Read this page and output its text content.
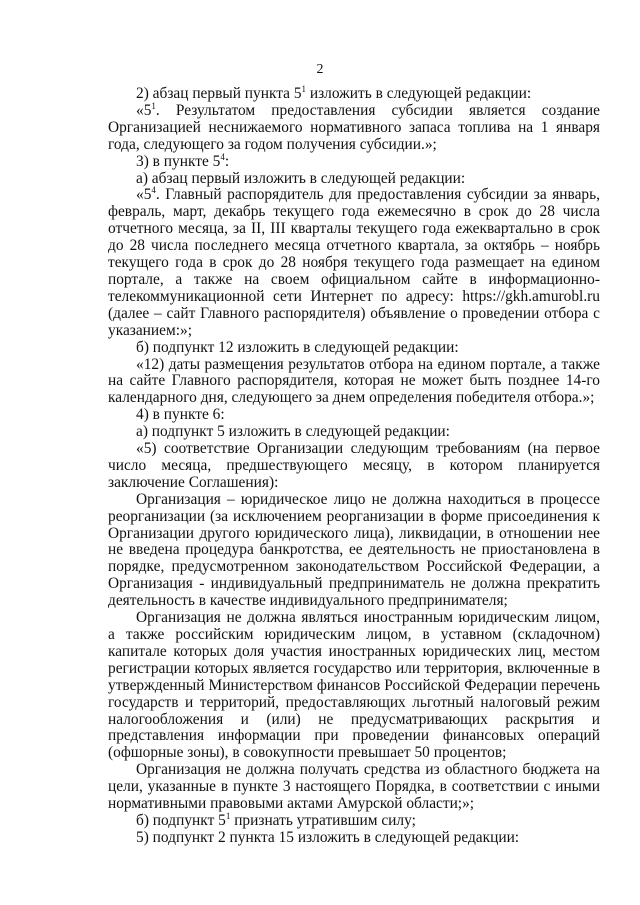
2

2) абзац первый пункта $5^1$ изложить в следующей редакции:

«$5^1$. Результатом предоставления субсидии является создание Организацией неснижаемого нормативного запаса топлива на 1 января года, следующего за годом получения субсидии.»;

3) в пункте $5^4$:

а) абзац первый изложить в следующей редакции:

«$5^4$. Главный распорядитель для предоставления субсидии за январь, февраль, март, декабрь текущего года ежемесячно в срок до 28 числа отчетного месяца, за II, III кварталы текущего года ежеквартально в срок до 28 числа последнего месяца отчетного квартала, за октябрь – ноябрь текущего года в срок до 28 ноября текущего года размещает на едином портале, а также на своем официальном сайте в информационно-телекоммуникационной сети Интернет по адресу: https://gkh.amurobl.ru (далее – сайт Главного распорядителя) объявление о проведении отбора с указанием:»;

б) подпункт 12 изложить в следующей редакции:

«12) даты размещения результатов отбора на едином портале, а также на сайте Главного распорядителя, которая не может быть позднее 14-го календарного дня, следующего за днем определения победителя отбора.»;

4) в пункте 6:

а) подпункт 5 изложить в следующей редакции:

«5) соответствие Организации следующим требованиям (на первое число месяца, предшествующего месяцу, в котором планируется заключение Соглашения):

Организация – юридическое лицо не должна находиться в процессе реорганизации (за исключением реорганизации в форме присоединения к Организации другого юридического лица), ликвидации, в отношении нее не введена процедура банкротства, ее деятельность не приостановлена в порядке, предусмотренном законодательством Российской Федерации, а Организация - индивидуальный предприниматель не должна прекратить деятельность в качестве индивидуального предпринимателя;

Организация не должна являться иностранным юридическим лицом, а также российским юридическим лицом, в уставном (складочном) капитале которых доля участия иностранных юридических лиц, местом регистрации которых является государство или территория, включенные в утвержденный Министерством финансов Российской Федерации перечень государств и территорий, предоставляющих льготный налоговый режим налогообложения и (или) не предусматривающих раскрытия и представления информации при проведении финансовых операций (офшорные зоны), в совокупности превышает 50 процентов;

Организация не должна получать средства из областного бюджета на цели, указанные в пункте 3 настоящего Порядка, в соответствии с иными нормативными правовыми актами Амурской области;»;

б) подпункт $5^1$ признать утратившим силу;

5) подпункт 2 пункта 15 изложить в следующей редакции:
